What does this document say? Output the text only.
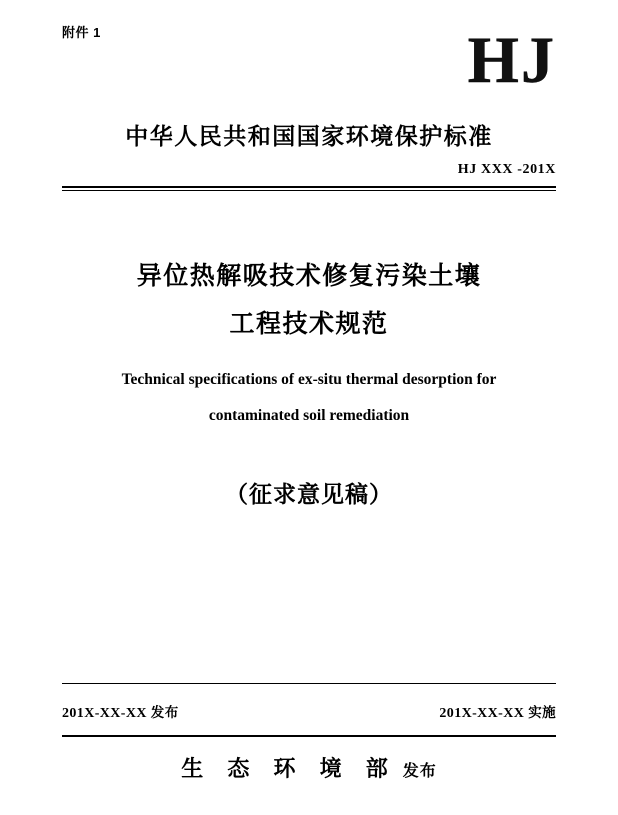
附件 1	HJ
中华人民共和国国家环境保护标准
HJ XXX -201X
异位热解吸技术修复污染土壤
工程技术规范
Technical specifications of ex-situ thermal desorption for
contaminated soil remediation
（征求意见稿）
201X-XX-XX 发布	201X-XX-XX 实施
生 态 环 境 部 发布
